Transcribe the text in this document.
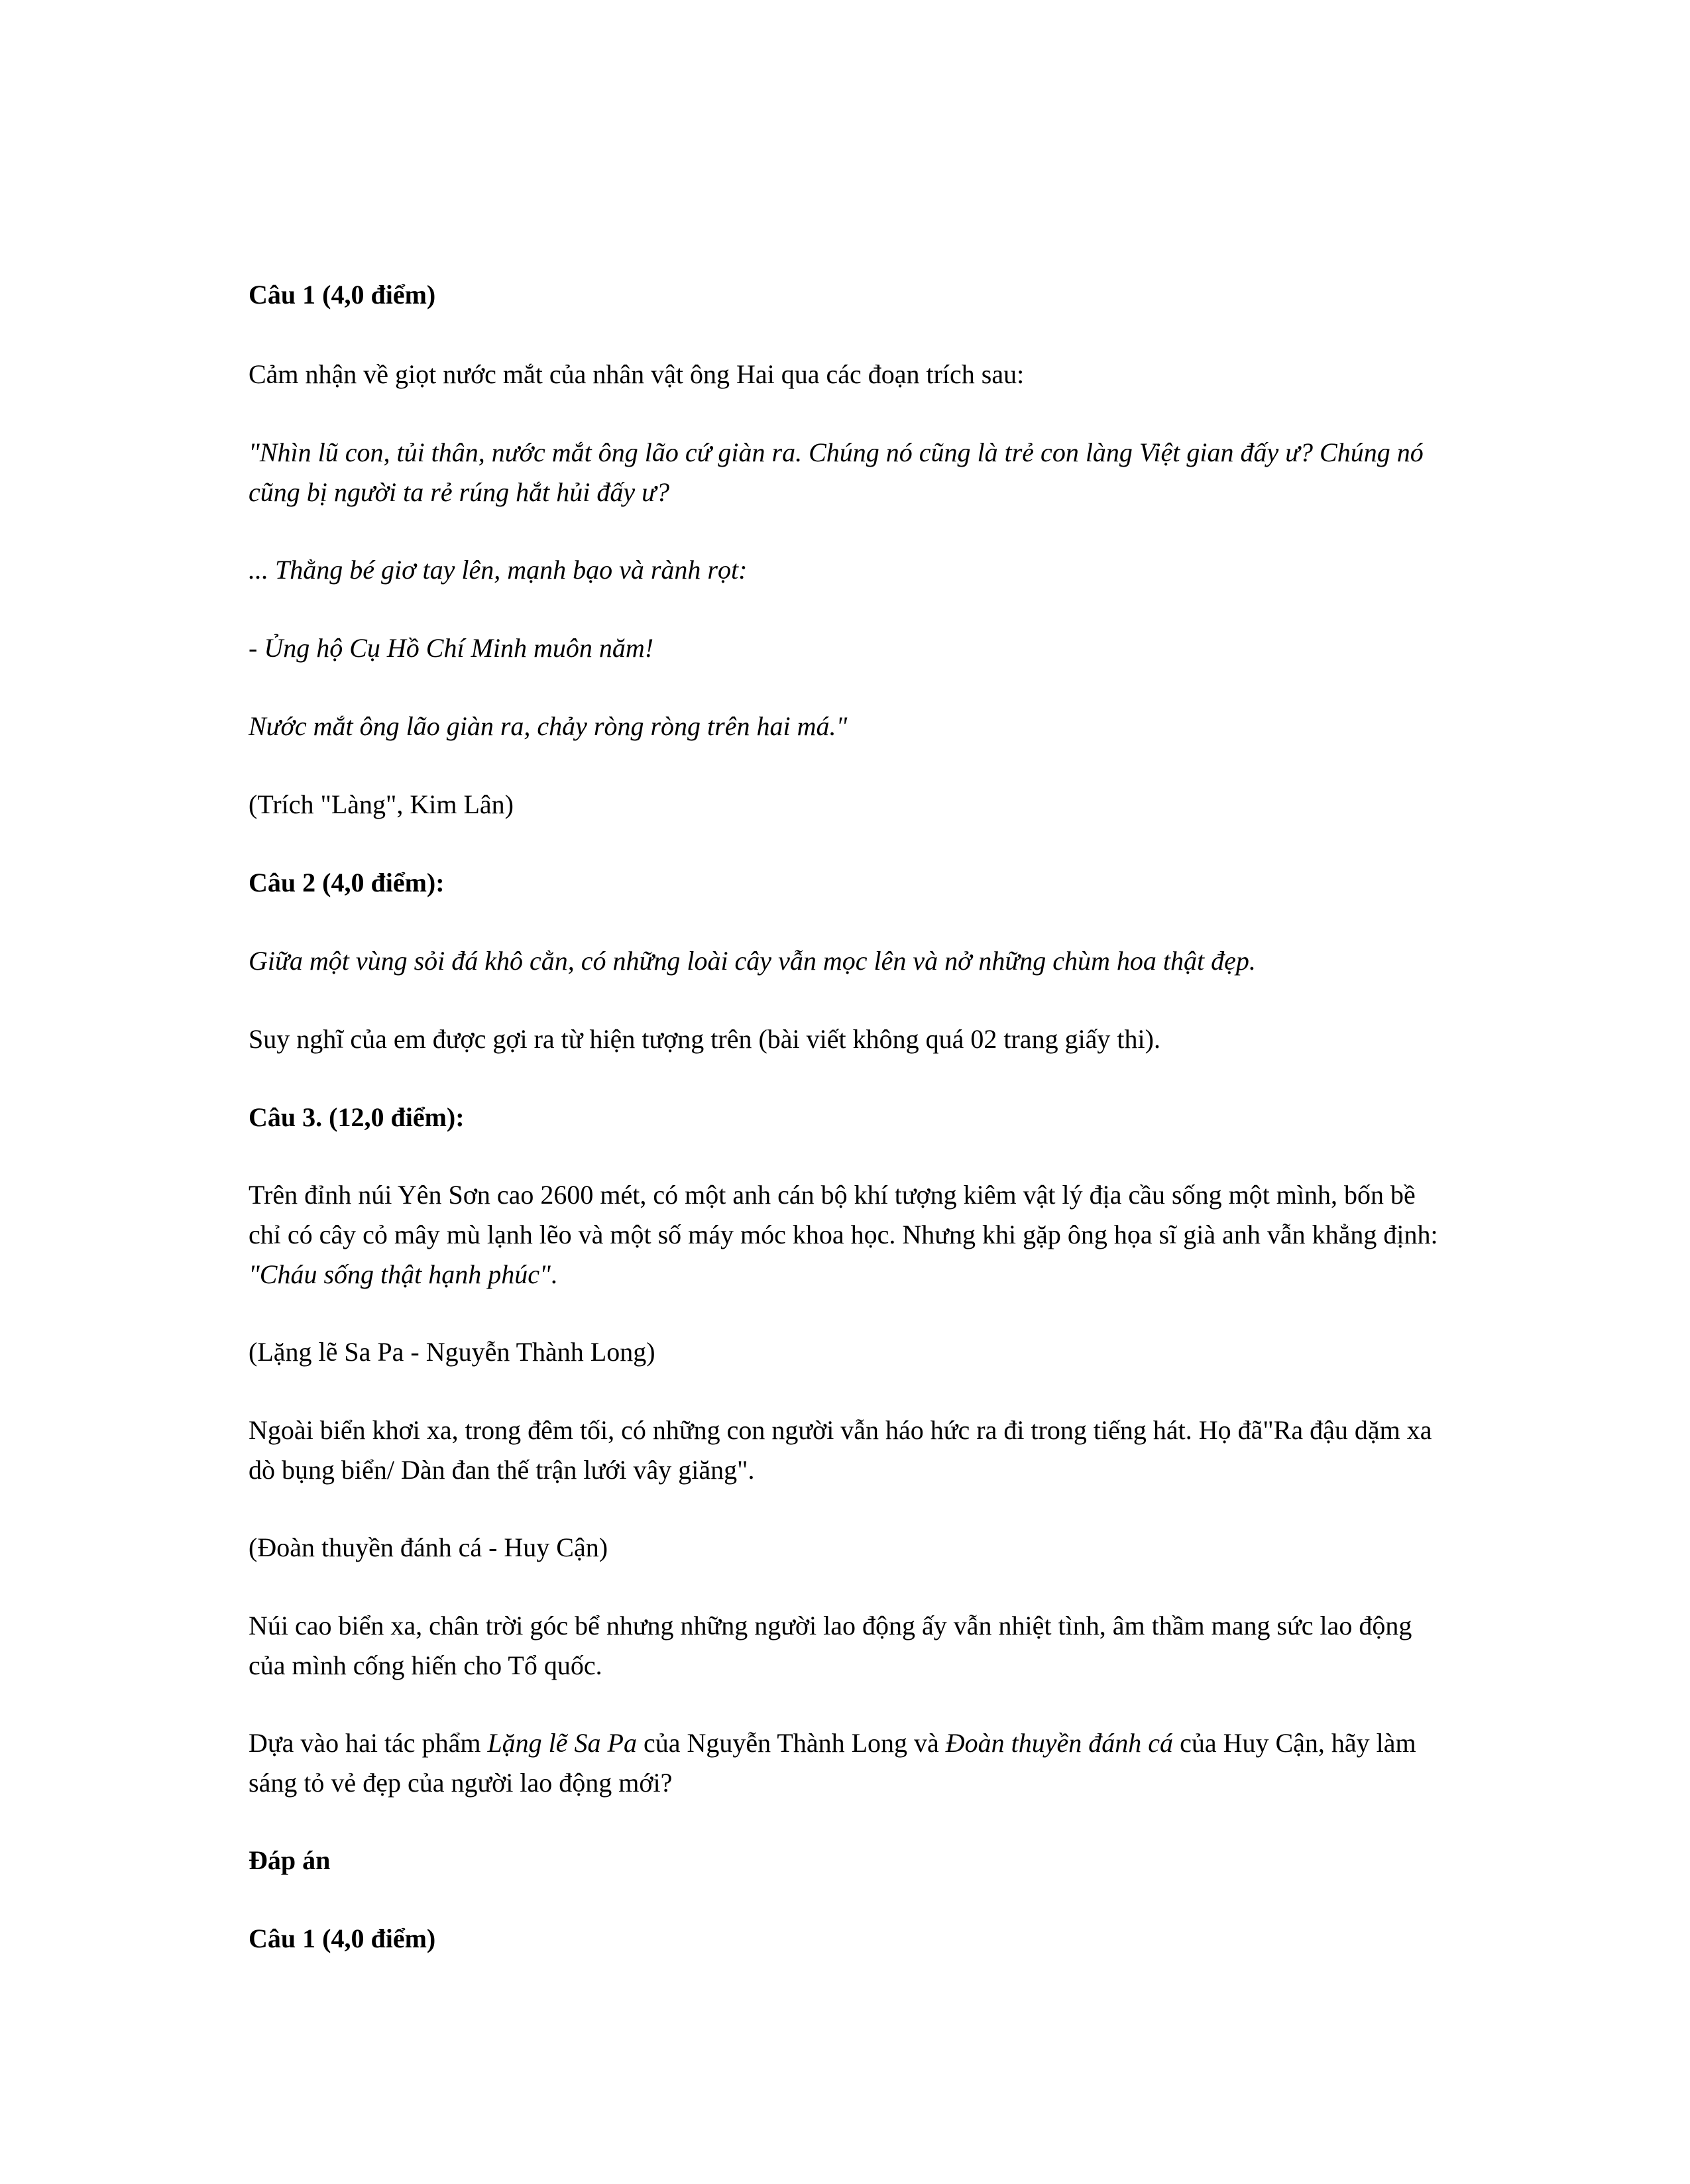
Câu 1 (4,0 điểm)

Cảm nhận về giọt nước mắt của nhân vật ông Hai qua các đoạn trích sau:

"Nhìn lũ con, tủi thân, nước mắt ông lão cứ giàn ra. Chúng nó cũng là trẻ con làng Việt gian đấy ư? Chúng nó cũng bị người ta rẻ rúng hắt hủi đấy ư?

... Thằng bé giơ tay lên, mạnh bạo và rành rọt:

- Ủng hộ Cụ Hồ Chí Minh muôn năm!

Nước mắt ông lão giàn ra, chảy ròng ròng trên hai má."

(Trích "Làng", Kim Lân)

Câu 2 (4,0 điểm):

Giữa một vùng sỏi đá khô cằn, có những loài cây vẫn mọc lên và nở những chùm hoa thật đẹp.

Suy nghĩ của em được gợi ra từ hiện tượng trên (bài viết không quá 02 trang giấy thi).

Câu 3. (12,0 điểm):

Trên đỉnh núi Yên Sơn cao 2600 mét, có một anh cán bộ khí tượng kiêm vật lý địa cầu sống một mình, bốn bề chỉ có cây cỏ mây mù lạnh lẽo và một số máy móc khoa học. Nhưng khi gặp ông họa sĩ già anh vẫn khẳng định: "Cháu sống thật hạnh phúc".

(Lặng lẽ Sa Pa - Nguyễn Thành Long)

Ngoài biển khơi xa, trong đêm tối, có những con người vẫn háo hức ra đi trong tiếng hát. Họ đã"Ra đậu dặm xa dò bụng biển/ Dàn đan thế trận lưới vây giăng".

(Đoàn thuyền đánh cá - Huy Cận)

Núi cao biển xa, chân trời góc bể nhưng những người lao động ấy vẫn nhiệt tình, âm thầm mang sức lao động của mình cống hiến cho Tổ quốc.

Dựa vào hai tác phẩm Lặng lẽ Sa Pa của Nguyễn Thành Long và Đoàn thuyền đánh cá của Huy Cận, hãy làm sáng tỏ vẻ đẹp của người lao động mới?

Đáp án

Câu 1 (4,0 điểm)
